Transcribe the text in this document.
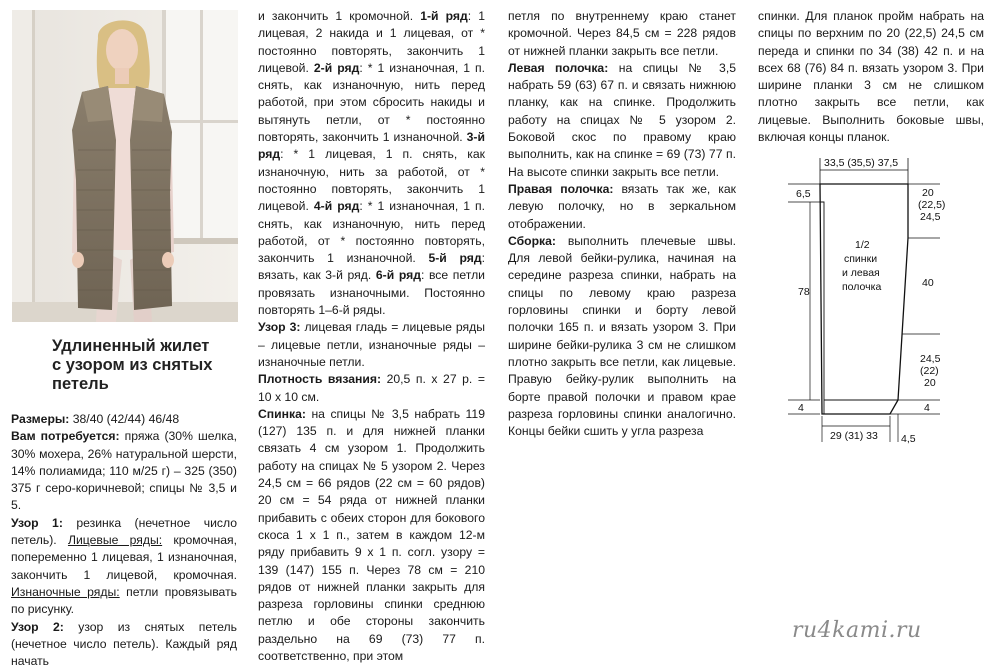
Удлиненный жилет
с узором из снятых
петель

Размеры: 38/40 (42/44) 46/48

Вам потребуется: пряжа (30% шелка, 30% мохера, 26% натуральной шерсти, 14% полиамида; 110 м/25 г) – 325 (350) 375 г серо-коричневой; спицы № 3,5 и 5.

Узор 1: резинка (нечетное число петель). Лицевые ряды: кромочная, попеременно 1 лицевая, 1 изнаночная, закончить 1 лицевой, кромочная. Изнаночные ряды: петли провязывать по рисунку.

Узор 2: узор из снятых петель (нечетное число петель). Каждый ряд начать

и закончить 1 кромочной. 1-й ряд: 1 лицевая, 2 накида и 1 лицевая, от * постоянно повторять, закончить 1 лицевой. 2-й ряд: * 1 изнаночная, 1 п. снять, как изнаночную, нить перед работой, при этом сбросить накиды и вытянуть петли, от * постоянно повторять, закончить 1 изнаночной. 3-й ряд: * 1 лицевая, 1 п. снять, как изнаночную, нить за работой, от * постоянно повторять, закончить 1 лицевой. 4-й ряд: * 1 изнаночная, 1 п. снять, как изнаночную, нить перед работой, от * постоянно повторять, закончить 1 изнаночной. 5-й ряд: вязать, как 3-й ряд. 6-й ряд: все петли провязать изнаночными. Постоянно повторять 1–6-й ряды.

Узор 3: лицевая гладь = лицевые ряды – лицевые петли, изнаночные ряды – изнаночные петли.

Плотность вязания: 20,5 п. х 27 р. = 10 х 10 см.

Спинка: на спицы № 3,5 набрать 119 (127) 135 п. и для нижней планки связать 4 см узором 1. Продолжить работу на спицах № 5 узором 2. Через 24,5 см = 66 рядов (22 см = 60 рядов) 20 см = 54 ряда от нижней планки прибавить с обеих сторон для бокового скоса 1 х 1 п., затем в каждом 12-м ряду прибавить 9 х 1 п. согл. узору = 139 (147) 155 п. Через 78 см = 210 рядов от нижней планки закрыть для разреза горловины спинки среднюю петлю и обе стороны закончить раздельно на 69 (73) 77 п. соответственно, при этом

петля по внутреннему краю станет кромочной. Через 84,5 см = 228 рядов от нижней планки закрыть все петли.

Левая полочка: на спицы № 3,5 набрать 59 (63) 67 п. и связать нижнюю планку, как на спинке. Продолжить работу на спицах № 5 узором 2. Боковой скос по правому краю выполнить, как на спинке = 69 (73) 77 п. На высоте спинки закрыть все петли.

Правая полочка: вязать так же, как левую полочку, но в зеркальном отображении.

Сборка: выполнить плечевые швы. Для левой бейки-рулика, начиная на середине разреза спинки, набрать на спицы по левому краю разреза горловины спинки и борту левой полочки 165 п. и вязать узором 3. При ширине бейки-рулика 3 см не слишком плотно закрыть все петли, как лицевые. Правую бейку-рулик выполнить на борте правой полочки и правом крае разреза горловины спинки аналогично. Концы бейки сшить у угла разреза

спинки. Для планок пройм набрать на спицы по верхним по 20 (22,5) 24,5 см переда и спинки по 34 (38) 42 п. и на всех 68 (76) 84 п. вязать узором 3. При ширине планки 3 см не слишком плотно закрыть все петли, как лицевые. Выполнить боковые швы, включая концы планок.

33,5 (35,5) 37,5
6,5
78
4
20
(22,5)
24,5
40
24,5
(22)
20
4
29 (31) 33 4,5
1/2
спинки
и левая
полочка
ru4kami.ru
